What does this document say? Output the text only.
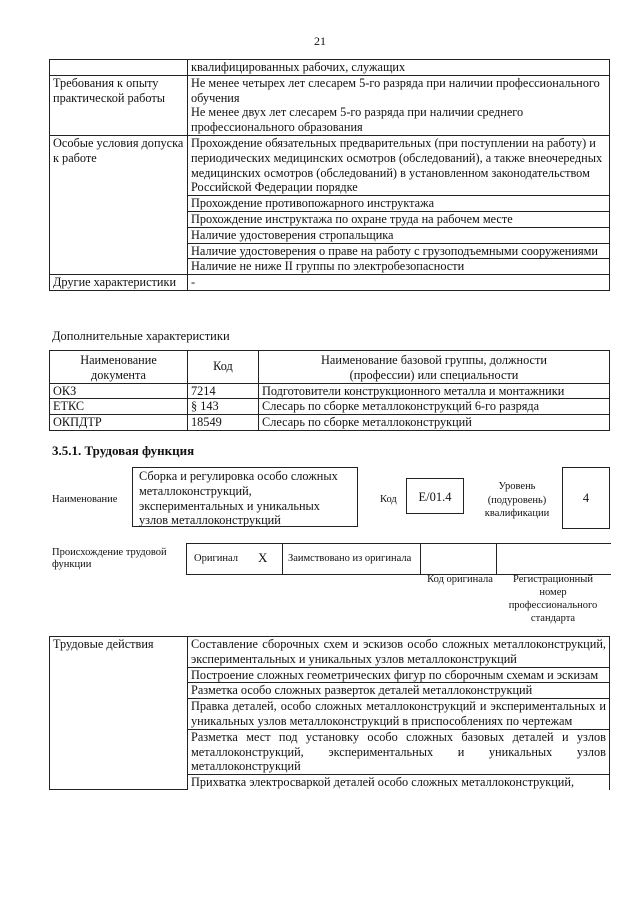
21
	квалифицированных рабочих, служащих
Требования к опыту практической работы	Не менее четырех лет слесарем 5-го разряда при наличии профессионального обучения
	Не менее двух лет слесарем 5-го разряда при наличии среднего профессионального образования
Особые условия допуска к работе	Прохождение обязательных предварительных (при поступлении на работу) и периодических медицинских осмотров (обследований), а также внеочередных медицинских осмотров (обследований) в установленном законодательством Российской Федерации порядке
	Прохождение противопожарного инструктажа
	Прохождение инструктажа по охране труда на рабочем месте
	Наличие удостоверения стропальщика
	Наличие удостоверения о праве на работу с грузоподъемными сооружениями
	Наличие не ниже II группы по электробезопасности
Другие характеристики	-
Дополнительные характеристики
Наименование документа	Код	Наименование базовой группы, должности (профессии) или специальности
ОКЗ	7214	Подготовители конструкционного металла и монтажники
ЕТКС	§ 143	Слесарь по сборке металлоконструкций 6-го разряда
ОКПДТР	18549	Слесарь по сборке металлоконструкций
3.5.1. Трудовая функция
Наименование
Сборка и регулировка особо сложных металлоконструкций, экспериментальных и уникальных узлов металлоконструкций
Код	E/01.4
Уровень (подуровень) квалификации
4
Происхождение трудовой функции
Оригинал X Заимствовано из оригинала
Код оригинала	Регистрационный номер профессионального стандарта
Трудовые действия	Составление сборочных схем и эскизов особо сложных металлоконструкций, экспериментальных и уникальных узлов металлоконструкций
Построение сложных геометрических фигур по сборочным схемам и эскизам
Разметка особо сложных разверток деталей металлоконструкций
Правка деталей, особо сложных металлоконструкций и экспериментальных и уникальных узлов металлоконструкций в приспособлениях по чертежам
Разметка мест под установку особо сложных базовых деталей и узлов металлоконструкций, экспериментальных и уникальных узлов металлоконструкций
Прихватка электросваркой деталей особо сложных металлоконструкций,
